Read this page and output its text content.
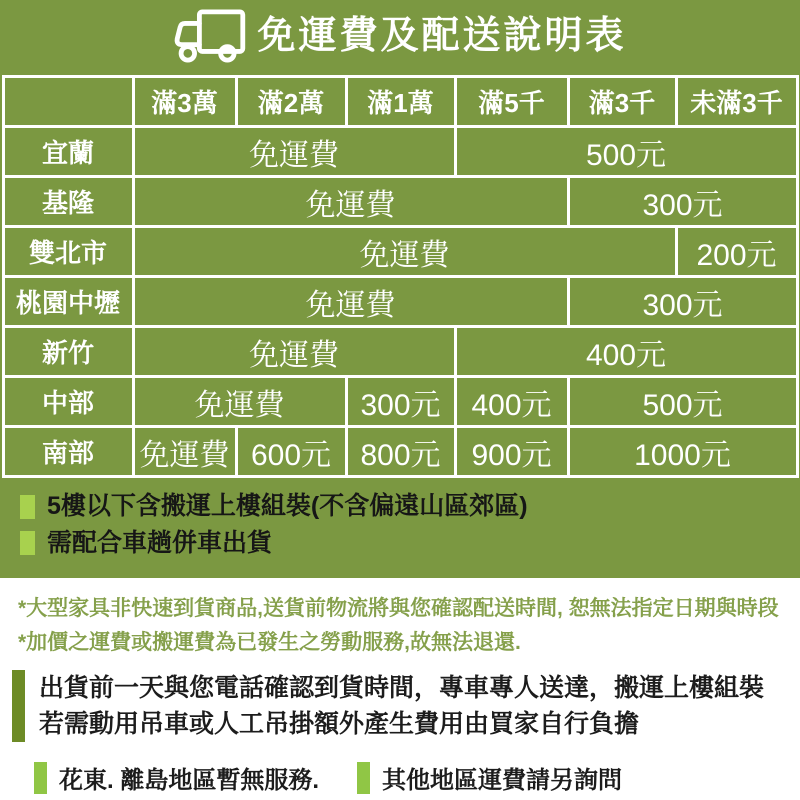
免運費及配送說明表
	滿3萬	滿2萬	滿1萬	滿5千	滿3千	未滿3千
宜蘭	免運費			500元		
基隆	免運費				300元	
雙北市	免運費					200元
桃園中壢	免運費				300元	
新竹	免運費			400元		
中部	免運費		300元	400元	500元	
南部	免運費	600元	800元	900元	1000元	
5樓以下含搬運上樓組裝(不含偏遠山區郊區)
需配合車趟併車出貨
*大型家具非快速到貨商品,送貨前物流將與您確認配送時間, 恕無法指定日期與時段
*加價之運費或搬運費為已發生之勞動服務,故無法退還.
出貨前一天與您電話確認到貨時間，專車專人送達，搬運上樓組裝
若需動用吊車或人工吊掛額外產生費用由買家自行負擔
花東. 離島地區暫無服務.	其他地區運費請另詢問
